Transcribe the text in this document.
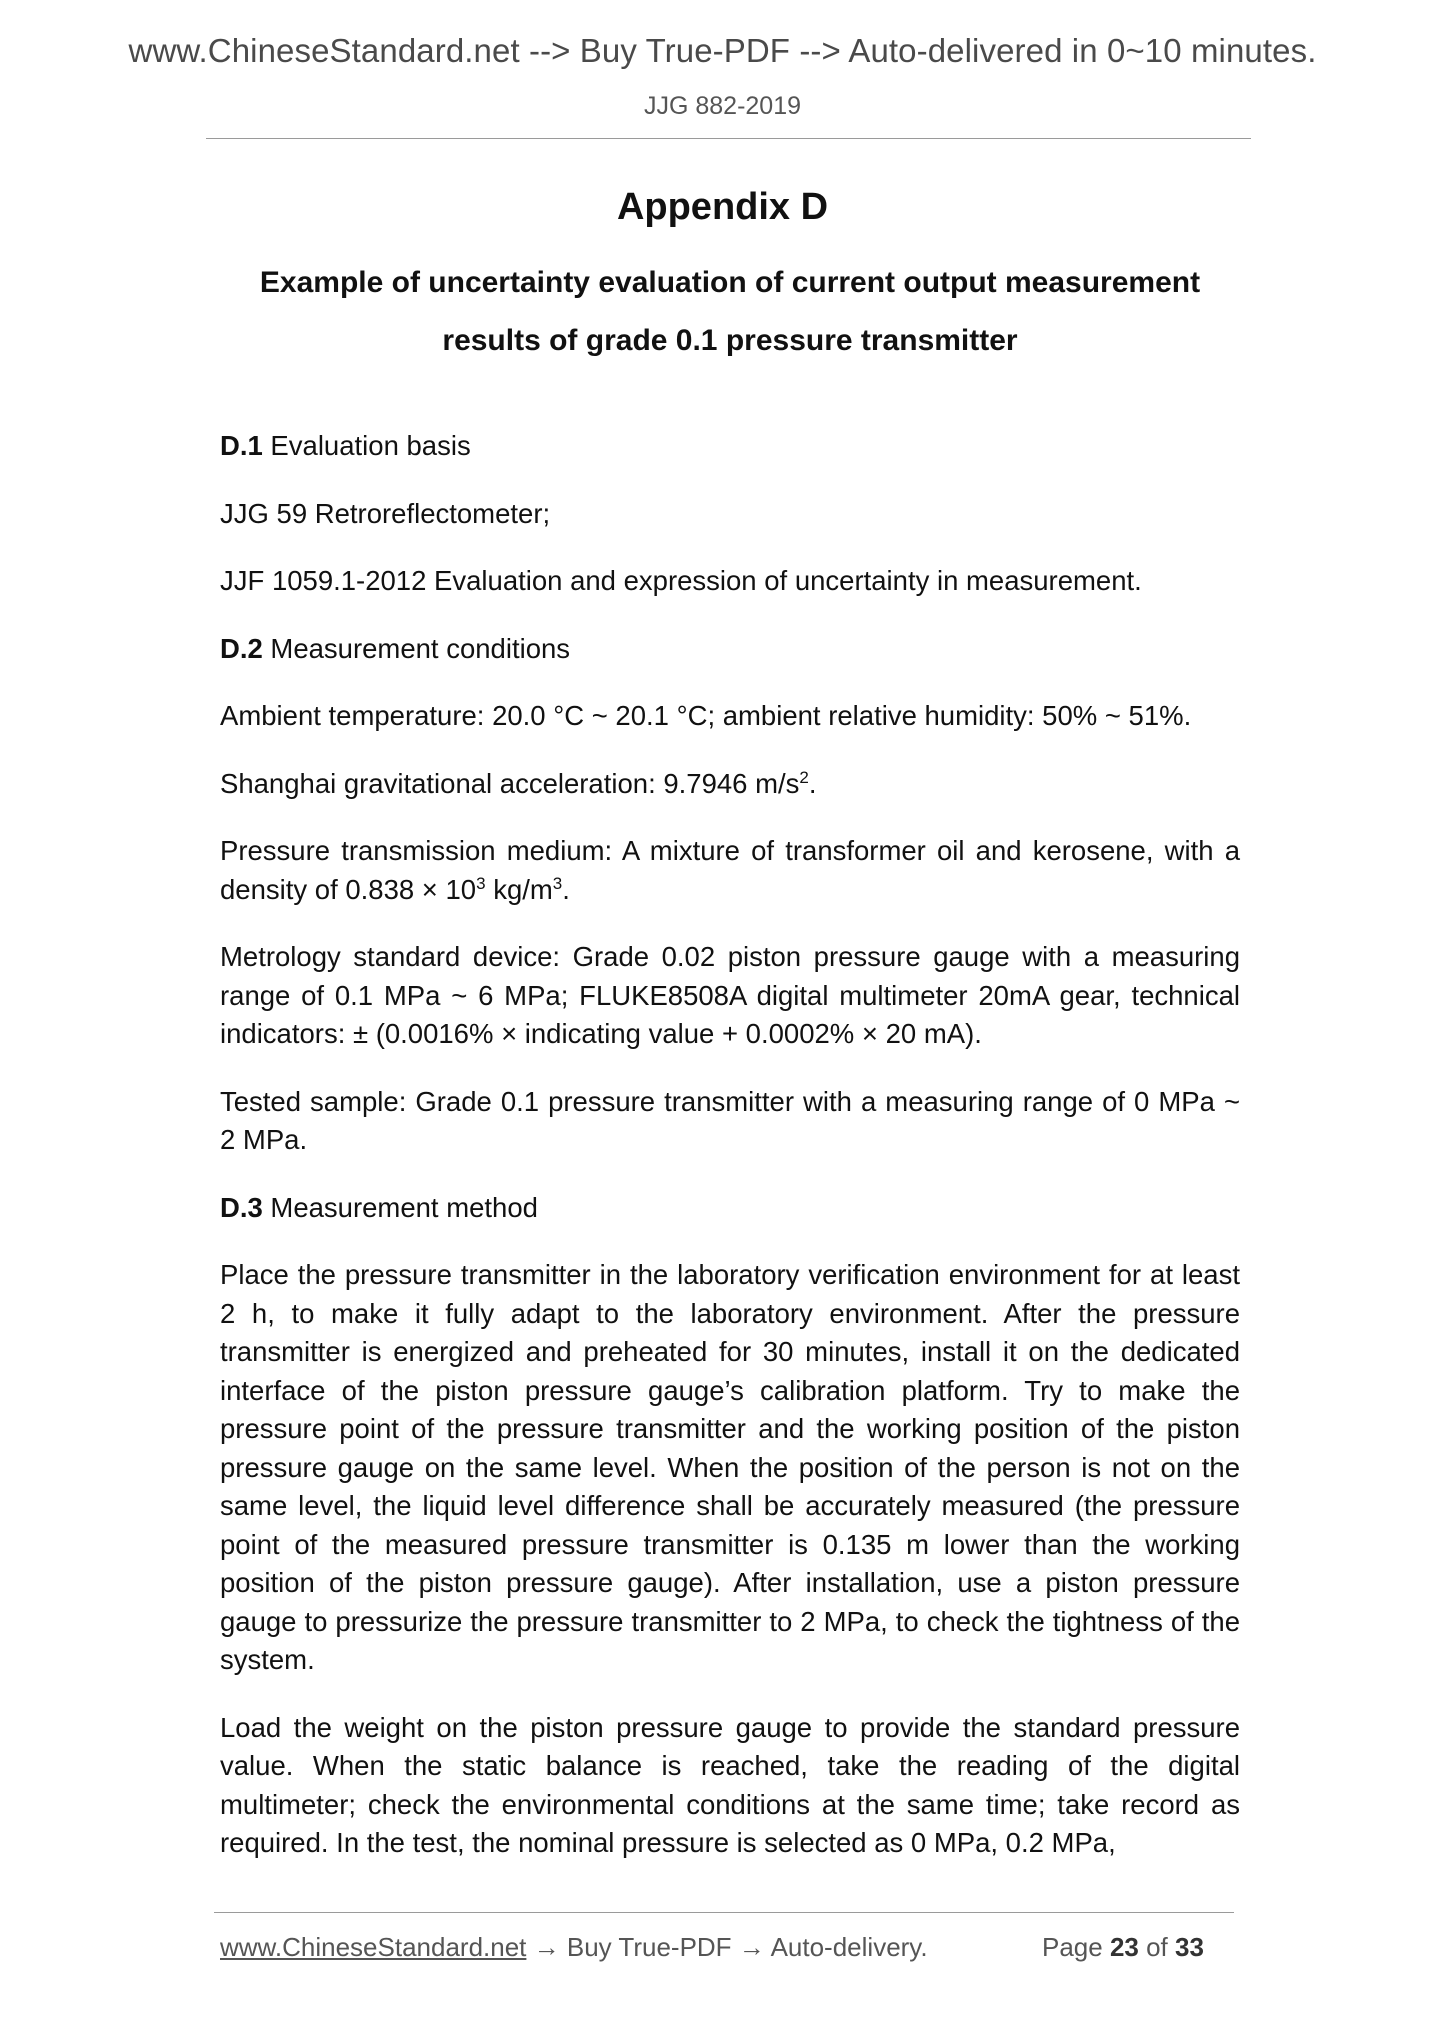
www.ChineseStandard.net --> Buy True-PDF --> Auto-delivered in 0~10 minutes.
JJG 882-2019
Appendix D
Example of uncertainty evaluation of current output measurement
results of grade 0.1 pressure transmitter

D.1 Evaluation basis

JJG 59 Retroreflectometer;

JJF 1059.1-2012 Evaluation and expression of uncertainty in measurement.

D.2 Measurement conditions

Ambient temperature: 20.0 °C ~ 20.1 °C; ambient relative humidity: 50% ~ 51%.

Shanghai gravitational acceleration: 9.7946 $m/s^2$.

Pressure transmission medium: A mixture of transformer oil and kerosene, with a density of $0.838 \times 10^3$ $kg/m^3$.

Metrology standard device: Grade 0.02 piston pressure gauge with a measuring range of 0.1 MPa ~ 6 MPa; FLUKE8508A digital multimeter 20mA gear, technical indicators: ± (0.0016% × indicating value + 0.0002% × 20 mA).

Tested sample: Grade 0.1 pressure transmitter with a measuring range of 0 MPa ~ 2 MPa.

D.3 Measurement method

Place the pressure transmitter in the laboratory verification environment for at least 2 h, to make it fully adapt to the laboratory environment. After the pressure transmitter is energized and preheated for 30 minutes, install it on the dedicated interface of the piston pressure gauge’s calibration platform. Try to make the pressure point of the pressure transmitter and the working position of the piston pressure gauge on the same level. When the position of the person is not on the same level, the liquid level difference shall be accurately measured (the pressure point of the measured pressure transmitter is 0.135 m lower than the working position of the piston pressure gauge). After installation, use a piston pressure gauge to pressurize the pressure transmitter to 2 MPa, to check the tightness of the system.

Load the weight on the piston pressure gauge to provide the standard pressure value. When the static balance is reached, take the reading of the digital multimeter; check the environmental conditions at the same time; take record as required. In the test, the nominal pressure is selected as 0 MPa, 0.2 MPa,

www.ChineseStandard.net → Buy True-PDF → Auto-delivery.	Page 23 of 33
